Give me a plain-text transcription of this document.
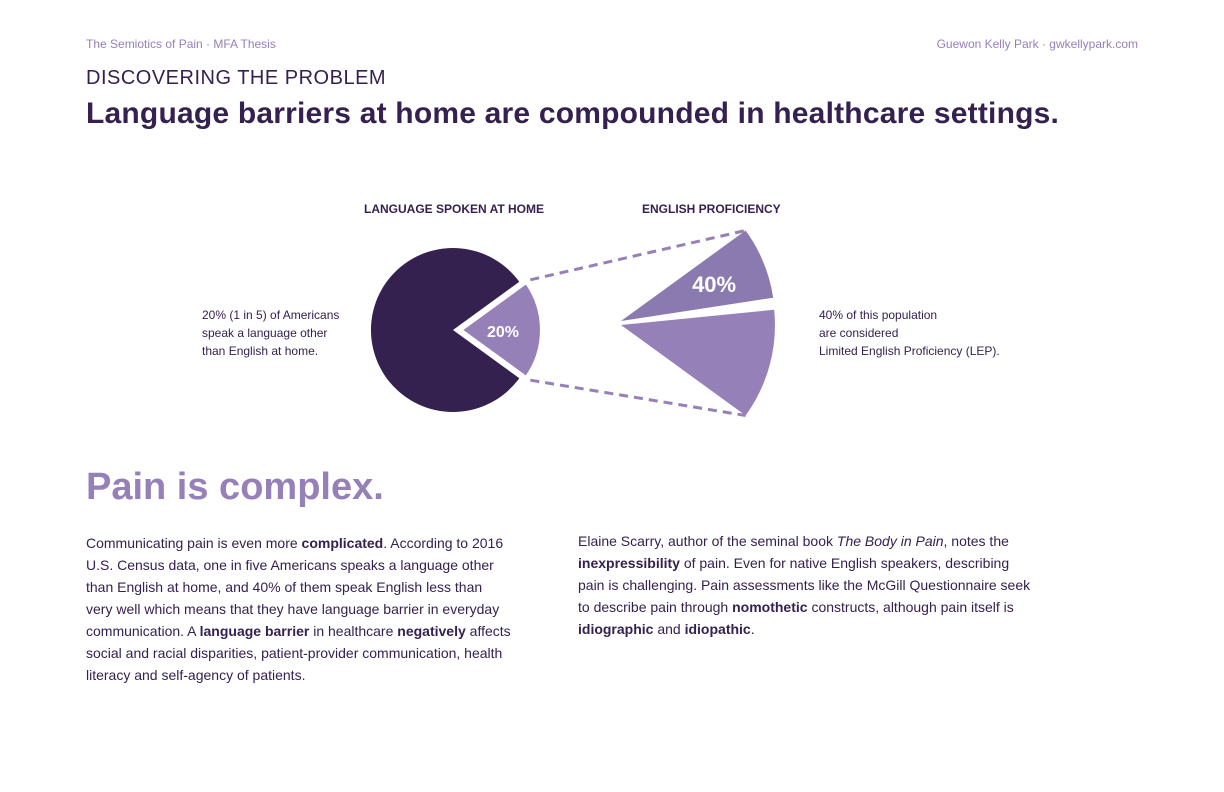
The Semiotics of Pain · MFA Thesis	Guewon Kelly Park · gwkellypark.com
DISCOVERING THE PROBLEM
Language barriers at home are compounded in healthcare settings.
LANGUAGE SPOKEN AT HOME	ENGLISH PROFICIENCY
20%
40%
20% (1 in 5) of Americans
speak a language other
than English at home.
40% of this population
are considered
Limited English Proficiency (LEP).
Pain is complex.
Communicating pain is even more complicated. According to 2016
U.S. Census data, one in five Americans speaks a language other
than English at home, and 40% of them speak English less than
very well which means that they have language barrier in everyday
communication. A language barrier in healthcare negatively affects
social and racial disparities, patient-provider communication, health
literacy and self-agency of patients.
Elaine Scarry, author of the seminal book The Body in Pain, notes the
inexpressibility of pain. Even for native English speakers, describing
pain is challenging. Pain assessments like the McGill Questionnaire seek
to describe pain through nomothetic constructs, although pain itself is
idiographic and idiopathic.
